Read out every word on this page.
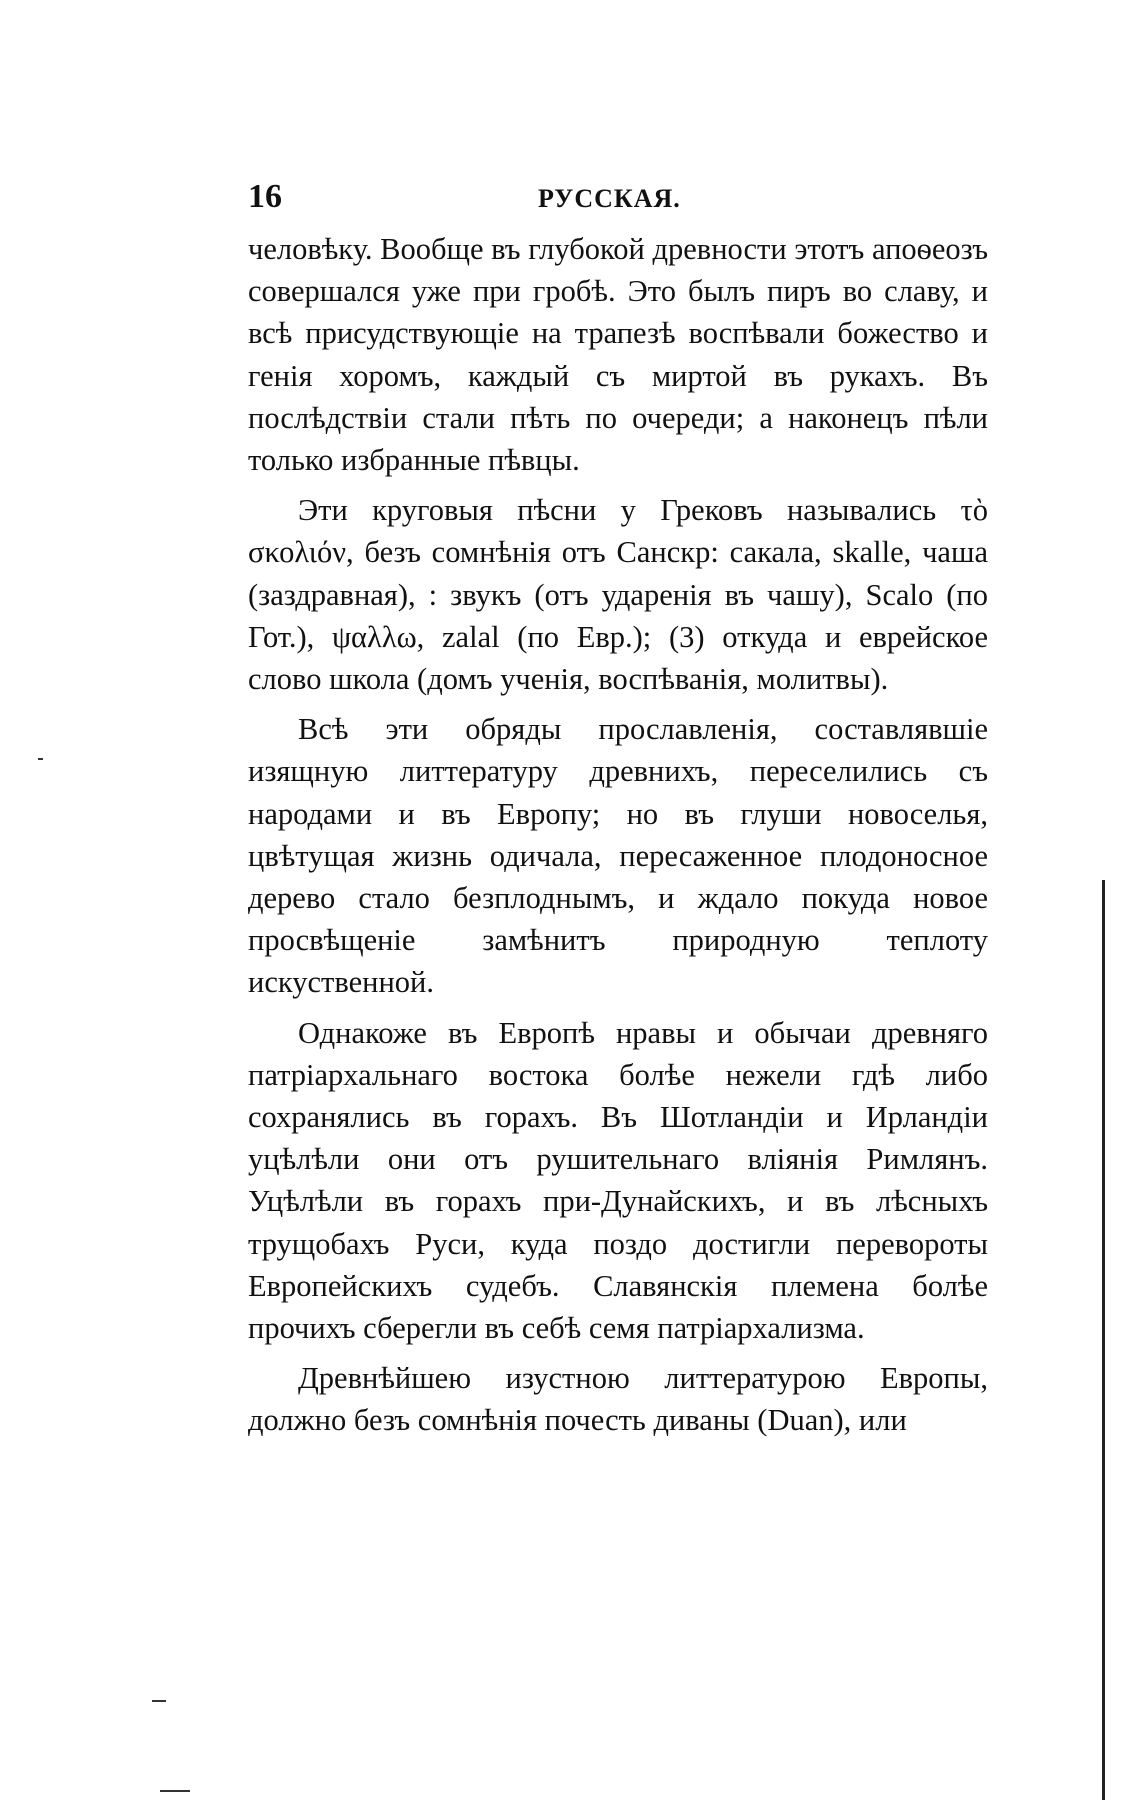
16	РУССКАЯ.

человѣку. Вообще въ глубокой древности этотъ апоѳеозъ совершался уже при гробѣ. Это былъ пиръ во славу, и всѣ присудствующіе на трапезѣ воспѣвали божество и генія хоромъ, каждый съ миртой въ рукахъ. Въ послѣдствіи стали пѣть по очереди; а наконецъ пѣли только избранные пѣвцы.

Эти круговыя пѣсни у Грековъ назывались τὸ σκολιόν, безъ сомнѣнія отъ Санскр: сакала, skalle, чаша (заздравная), : звукъ (отъ ударенія въ чашу), Scalo (по Гот.), ψαλλω, zalal (по Евр.); (3) откуда и еврейское слово школа (домъ ученія, воспѣванія, молитвы).

Всѣ эти обряды прославленія, составлявшіе изящную литтературу древнихъ, переселились съ народами и въ Европу; но въ глуши новоселья, цвѣтущая жизнь одичала, пересаженное плодоносное дерево стало безплоднымъ, и ждало покуда новое просвѣщеніе замѣнитъ природную теплоту искуственной.

Однакоже въ Европѣ нравы и обычаи древняго патріархальнаго востока болѣе нежели гдѣ либо сохранялись въ горахъ. Въ Шотландіи и Ирландіи уцѣлѣли они отъ рушительнаго вліянія Римлянъ. Уцѣлѣли въ горахъ при-Дунайскихъ, и въ лѣсныхъ трущобахъ Руси, куда поздо достигли перевороты Европейскихъ судебъ. Славянскія племена болѣе прочихъ сберегли въ себѣ семя патріархализма.

Древнѣйшею изустною литтературою Европы, должно безъ сомнѣнія почесть диваны (Duan), или
